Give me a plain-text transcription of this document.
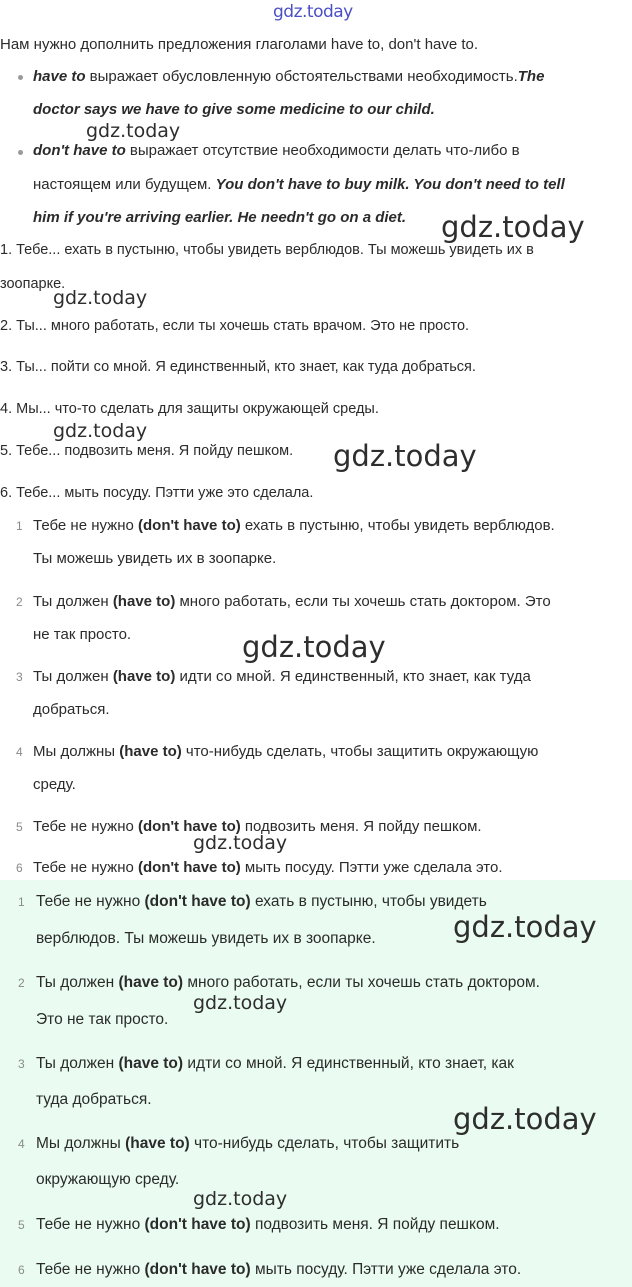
gdz.today
Нам нужно дополнить предложения глаголами have to, don't have to.
have to выражает обусловленную обстоятельствами необходимость.The
doctor says we have to give some medicine to our child.
don't have to выражает отсутствие необходимости делать что-либо в
настоящем или будущем. You don't have to buy milk. You don't need to tell
him if you're arriving earlier. He needn't go on a diet.
1. Тебе... ехать в пустыню, чтобы увидеть верблюдов. Ты можешь увидеть их в
зоопарке.
2. Ты... много работать, если ты хочешь стать врачом. Это не просто.
3. Ты... пойти со мной. Я единственный, кто знает, как туда добраться.
4. Мы... что-то сделать для защиты окружающей среды.
5. Тебе... подвозить меня. Я пойду пешком.
6. Тебе... мыть посуду. Пэтти уже это сделала.
1 Тебе не нужно (don't have to) ехать в пустыню, чтобы увидеть верблюдов.
Ты можешь увидеть их в зоопарке.
2 Ты должен (have to) много работать, если ты хочешь стать доктором. Это
не так просто.
3 Ты должен (have to) идти со мной. Я единственный, кто знает, как туда
добраться.
4 Мы должны (have to) что-нибудь сделать, чтобы защитить окружающую
среду.
5 Тебе не нужно (don't have to) подвозить меня. Я пойду пешком.
6 Тебе не нужно (don't have to) мыть посуду. Пэтти уже сделала это.
1 Тебе не нужно (don't have to) ехать в пустыню, чтобы увидеть
верблюдов. Ты можешь увидеть их в зоопарке.
2 Ты должен (have to) много работать, если ты хочешь стать доктором.
Это не так просто.
3 Ты должен (have to) идти со мной. Я единственный, кто знает, как
туда добраться.
4 Мы должны (have to) что-нибудь сделать, чтобы защитить
окружающую среду.
5 Тебе не нужно (don't have to) подвозить меня. Я пойду пешком.
6 Тебе не нужно (don't have to) мыть посуду. Пэтти уже сделала это.
gdz.today
gdz.today
gdz.today
gdz.today
gdz.today
gdz.today
gdz.today
gdz.today
gdz.today
gdz.today
gdz.today
